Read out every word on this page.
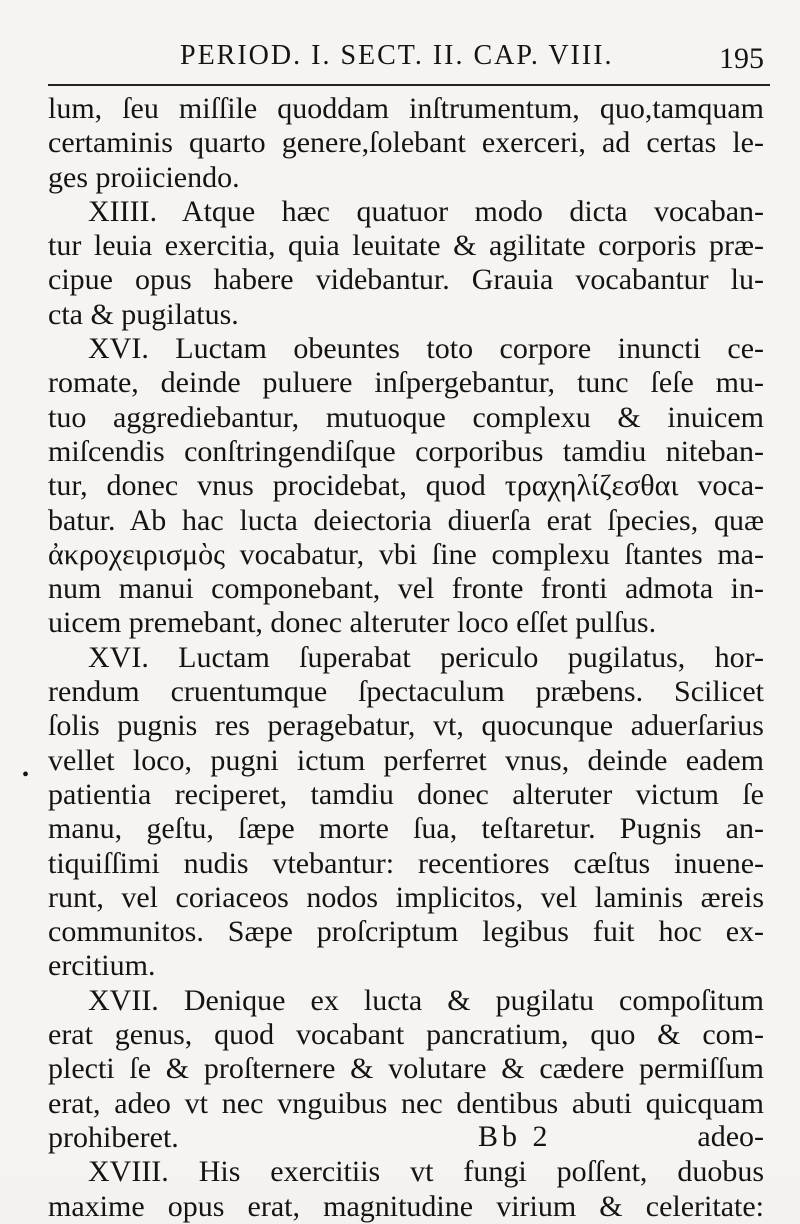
PERIOD. I. SECT. II. CAP. VIII.	195
•
lum, ſeu miſſile quoddam inſtrumentum, quo,tamquam
certaminis quarto genere,ſolebant exerceri, ad certas le-
ges proiiciendo.
XIIII. Atque hæc quatuor modo dicta vocaban-
tur leuia exercitia, quia leuitate & agilitate corporis præ-
cipue opus habere videbantur. Grauia vocabantur lu-
cta & pugilatus.
XVI. Luctam obeuntes toto corpore inuncti ce-
romate, deinde puluere inſpergebantur, tunc ſeſe mu-
tuo aggrediebantur, mutuoque complexu & inuicem
miſcendis conſtringendiſque corporibus tamdiu niteban-
tur, donec vnus procidebat, quod τραχηλίζεσθαι voca-
batur. Ab hac lucta deiectoria diuerſa erat ſpecies, quæ
ἀκροχειρισμὸς vocabatur, vbi ſine complexu ſtantes ma-
num manui componebant, vel fronte fronti admota in-
uicem premebant, donec alteruter loco eſſet pulſus.
XVI. Luctam ſuperabat periculo pugilatus, hor-
rendum cruentumque ſpectaculum præbens. Scilicet
ſolis pugnis res peragebatur, vt, quocunque aduerſarius
vellet loco, pugni ictum perferret vnus, deinde eadem
patientia reciperet, tamdiu donec alteruter victum ſe
manu, geſtu, ſæpe morte ſua, teſtaretur. Pugnis an-
tiquiſſimi nudis vtebantur: recentiores cæſtus inuene-
runt, vel coriaceos nodos implicitos, vel laminis æreis
communitos. Sæpe proſcriptum legibus fuit hoc ex-
ercitium.
XVII. Denique ex lucta & pugilatu compoſitum
erat genus, quod vocabant pancratium, quo & com-
plecti ſe & proſternere & volutare & cædere permiſſum
erat, adeo vt nec vnguibus nec dentibus abuti quicquam
prohiberet.
XVIII. His exercitiis vt fungi poſſent, duobus
maxime opus erat, magnitudine virium & celeritate:
Bb 2	adeo-
